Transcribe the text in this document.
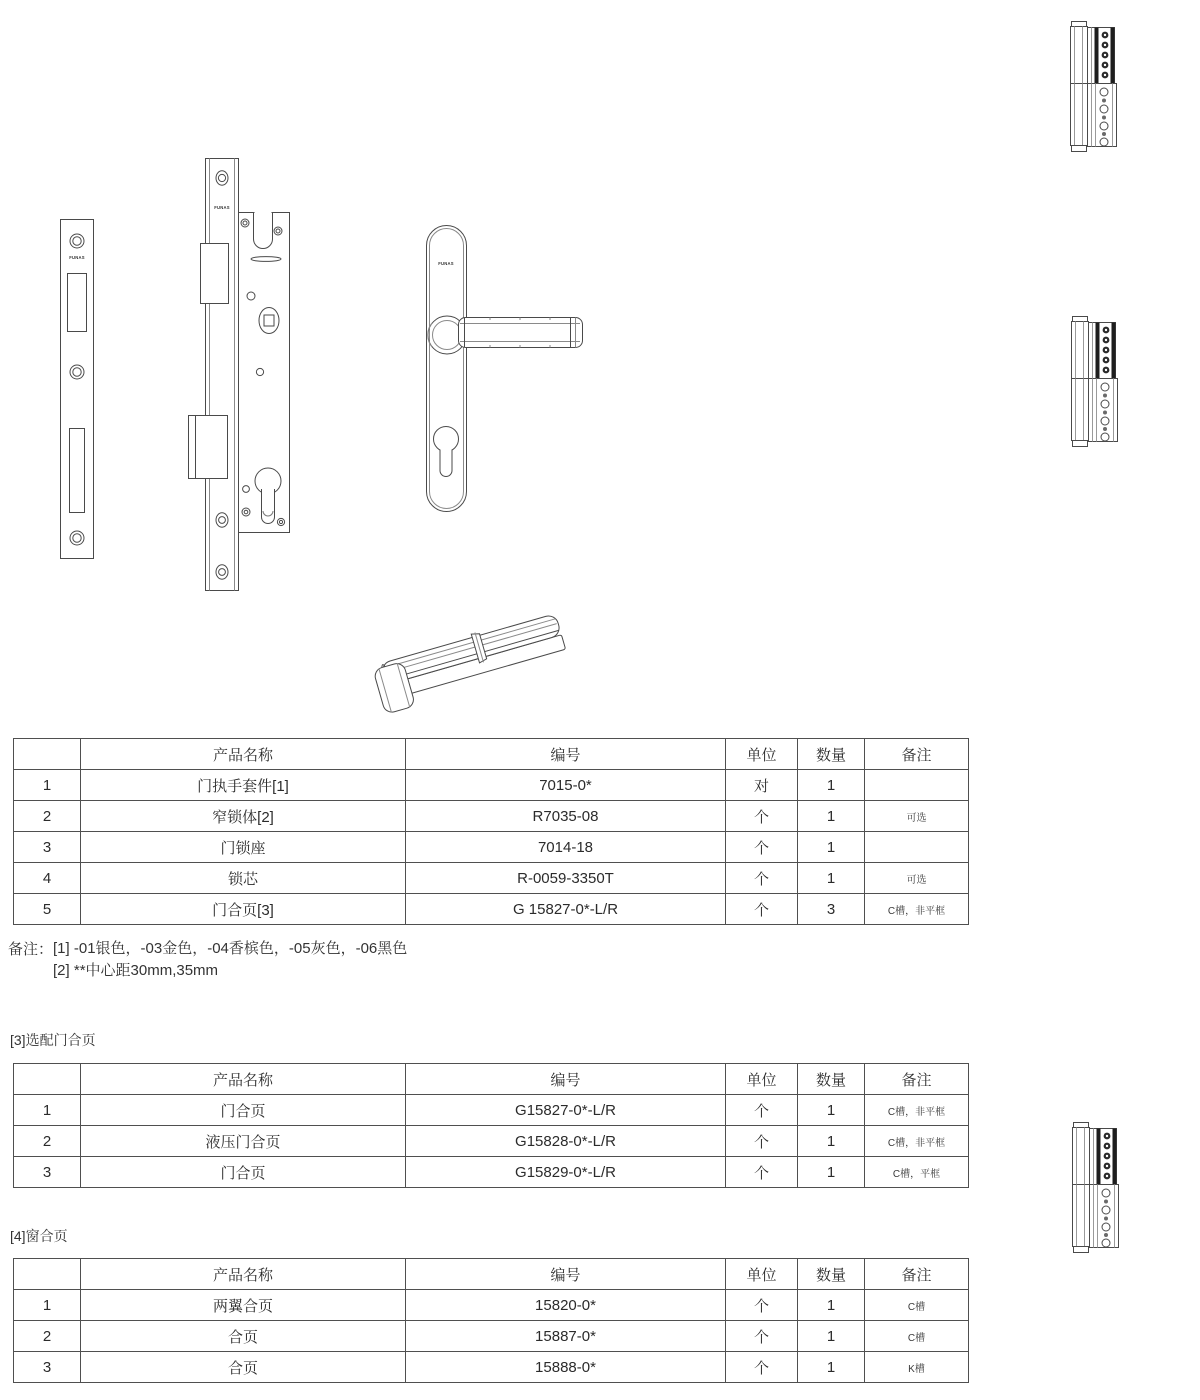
FUNAS
FUNAS
FUNAS
	产品名称	编号	单位	数量	备注
1	门执手套件[1]	7015-0*	对	1	
2	窄锁体[2]	R7035-08	个	1	可选
3	门锁座	7014-18	个	1	
4	锁芯	R-0059-3350T	个	1	可选
5	门合页[3]	G 15827-0*-L/R	个	3	C槽，非平框
备注： [1] -01银色，-03金色，-04香槟色，-05灰色，-06黑色
[2] **中心距30mm,35mm
[3]选配门合页
	产品名称	编号	单位	数量	备注
1	门合页	G15827-0*-L/R	个	1	C槽，非平框
2	液压门合页	G15828-0*-L/R	个	1	C槽，非平框
3	门合页	G15829-0*-L/R	个	1	C槽，平框
[4]窗合页
	产品名称	编号	单位	数量	备注
1	两翼合页	15820-0*	个	1	C槽
2	合页	15887-0*	个	1	C槽
3	合页	15888-0*	个	1	K槽
